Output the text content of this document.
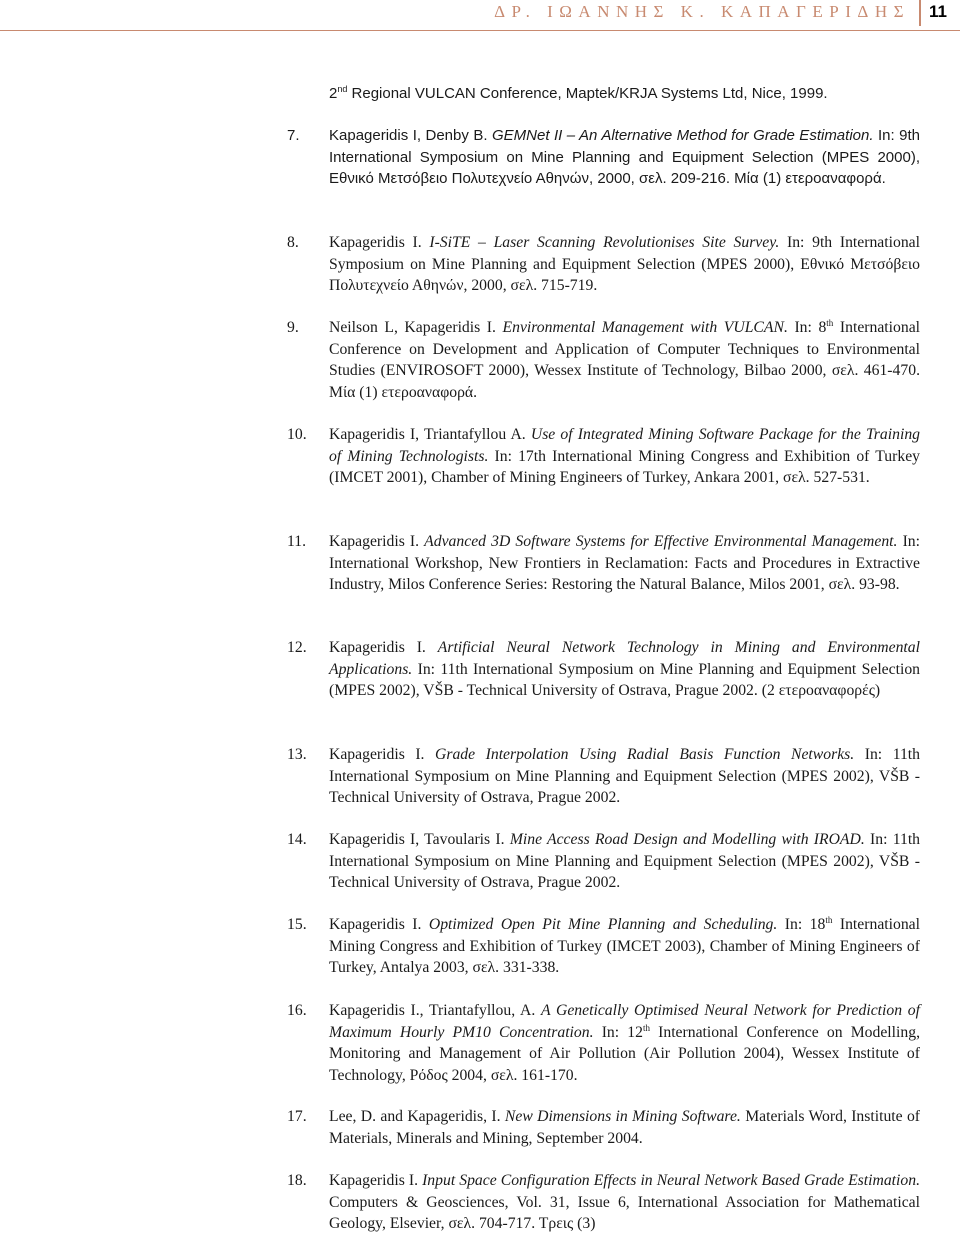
ΔΡ. ΙΩΑΝΝΗΣ Κ. ΚΑΠΑΓΕΡΙΔΗΣ 11
2nd Regional VULCAN Conference, Maptek/KRJA Systems Ltd, Nice, 1999.
7. Kapageridis I, Denby B. GEMNet II – An Alternative Method for Grade Estimation. In: 9th International Symposium on Mine Planning and Equipment Selection (MPES 2000), Εθνικό Μετσόβειο Πολυτεχνείο Αθηνών, 2000, σελ. 209-216. Μία (1) ετεροαναφορά.
8. Kapageridis I. I-SiTE – Laser Scanning Revolutionises Site Survey. In: 9th International Symposium on Mine Planning and Equipment Selection (MPES 2000), Εθνικό Μετσόβειο Πολυτεχνείο Αθηνών, 2000, σελ. 715-719.
9. Neilson L, Kapageridis I. Environmental Management with VULCAN. In: 8th International Conference on Development and Application of Computer Techniques to Environmental Studies (ENVIROSOFT 2000), Wessex Institute of Technology, Bilbao 2000, σελ. 461-470. Μία (1) ετεροαναφορά.
10. Kapageridis I, Triantafyllou A. Use of Integrated Mining Software Package for the Training of Mining Technologists. In: 17th International Mining Congress and Exhibition of Turkey (IMCET 2001), Chamber of Mining Engineers of Turkey, Ankara 2001, σελ. 527-531.
11. Kapageridis I. Advanced 3D Software Systems for Effective Environmental Management. In: International Workshop, New Frontiers in Reclamation: Facts and Procedures in Extractive Industry, Milos Conference Series: Restoring the Natural Balance, Milos 2001, σελ. 93-98.
12. Kapageridis I. Artificial Neural Network Technology in Mining and Environmental Applications. In: 11th International Symposium on Mine Planning and Equipment Selection (MPES 2002), VŠB - Technical University of Ostrava, Prague 2002. (2 ετεροαναφορές)
13. Kapageridis I. Grade Interpolation Using Radial Basis Function Networks. In: 11th International Symposium on Mine Planning and Equipment Selection (MPES 2002), VŠB - Technical University of Ostrava, Prague 2002.
14. Kapageridis I, Tavoularis I. Mine Access Road Design and Modelling with IROAD. In: 11th International Symposium on Mine Planning and Equipment Selection (MPES 2002), VŠB - Technical University of Ostrava, Prague 2002.
15. Kapageridis I. Optimized Open Pit Mine Planning and Scheduling. In: 18th International Mining Congress and Exhibition of Turkey (IMCET 2003), Chamber of Mining Engineers of Turkey, Antalya 2003, σελ. 331-338.
16. Kapageridis I., Triantafyllou, A. A Genetically Optimised Neural Network for Prediction of Maximum Hourly PM10 Concentration. In: 12th International Conference on Modelling, Monitoring and Management of Air Pollution (Air Pollution 2004), Wessex Institute of Technology, Ρόδος 2004, σελ. 161-170.
17. Lee, D. and Kapageridis, I. New Dimensions in Mining Software. Materials Word, Institute of Materials, Minerals and Mining, September 2004.
18. Kapageridis I. Input Space Configuration Effects in Neural Network Based Grade Estimation. Computers & Geosciences, Vol. 31, Issue 6, International Association for Mathematical Geology, Elsevier, σελ. 704-717. Τρεις (3)
